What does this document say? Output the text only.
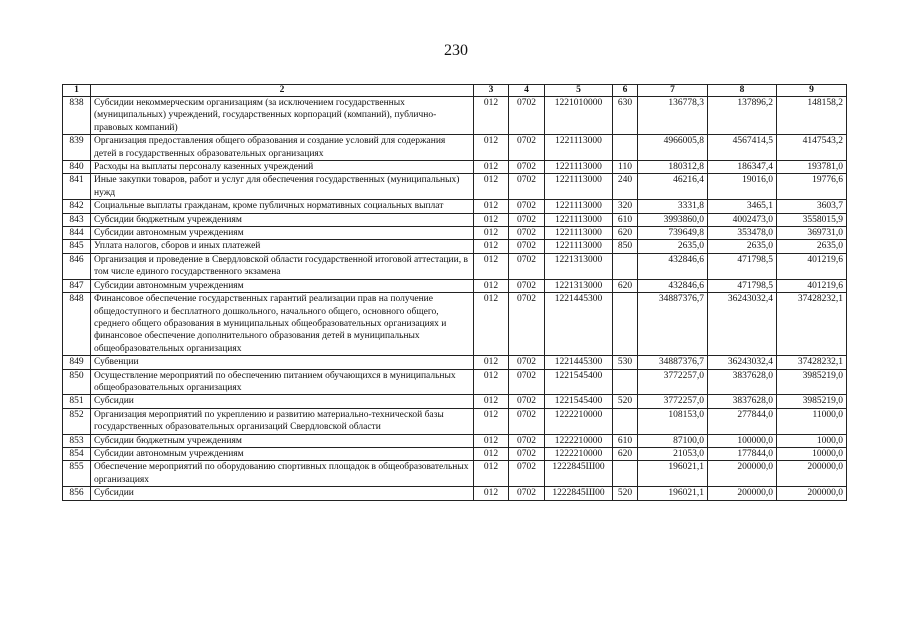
230
1	2	3	4	5	6	7	8	9
838	Субсидии некоммерческим организациям (за исключением государственных (муниципальных) учреждений, государственных корпораций (компаний), публично-правовых компаний)	012	0702	1221010000	630	136778,3	137896,2	148158,2
839	Организация предоставления общего образования и создание условий для содержания детей в государственных образовательных организациях	012	0702	1221113000		4966005,8	4567414,5	4147543,2
840	Расходы на выплаты персоналу казенных учреждений	012	0702	1221113000	110	180312,8	186347,4	193781,0
841	Иные закупки товаров, работ и услуг для обеспечения государственных (муниципальных) нужд	012	0702	1221113000	240	46216,4	19016,0	19776,6
842	Социальные выплаты гражданам, кроме публичных нормативных социальных выплат	012	0702	1221113000	320	3331,8	3465,1	3603,7
843	Субсидии бюджетным учреждениям	012	0702	1221113000	610	3993860,0	4002473,0	3558015,9
844	Субсидии автономным учреждениям	012	0702	1221113000	620	739649,8	353478,0	369731,0
845	Уплата налогов, сборов и иных платежей	012	0702	1221113000	850	2635,0	2635,0	2635,0
846	Организация и проведение в Свердловской области государственной итоговой аттестации, в том числе единого государственного экзамена	012	0702	1221313000		432846,6	471798,5	401219,6
847	Субсидии автономным учреждениям	012	0702	1221313000	620	432846,6	471798,5	401219,6
848	Финансовое обеспечение государственных гарантий реализации прав на получение общедоступного и бесплатного дошкольного, начального общего, основного общего, среднего общего образования в муниципальных общеобразовательных организациях и финансовое обеспечение дополнительного образования детей в муниципальных общеобразовательных организациях	012	0702	1221445300		34887376,7	36243032,4	37428232,1
849	Субвенции	012	0702	1221445300	530	34887376,7	36243032,4	37428232,1
850	Осуществление мероприятий по обеспечению питанием обучающихся в муниципальных общеобразовательных организациях	012	0702	1221545400		3772257,0	3837628,0	3985219,0
851	Субсидии	012	0702	1221545400	520	3772257,0	3837628,0	3985219,0
852	Организация мероприятий по укреплению и развитию материально-технической базы государственных образовательных организаций Свердловской области	012	0702	1222210000		108153,0	277844,0	11000,0
853	Субсидии бюджетным учреждениям	012	0702	1222210000	610	87100,0	100000,0	1000,0
854	Субсидии автономным учреждениям	012	0702	1222210000	620	21053,0	177844,0	10000,0
855	Обеспечение мероприятий по оборудованию спортивных площадок в общеобразовательных организациях	012	0702	1222845Ш00		196021,1	200000,0	200000,0
856	Субсидии	012	0702	1222845Ш00	520	196021,1	200000,0	200000,0
